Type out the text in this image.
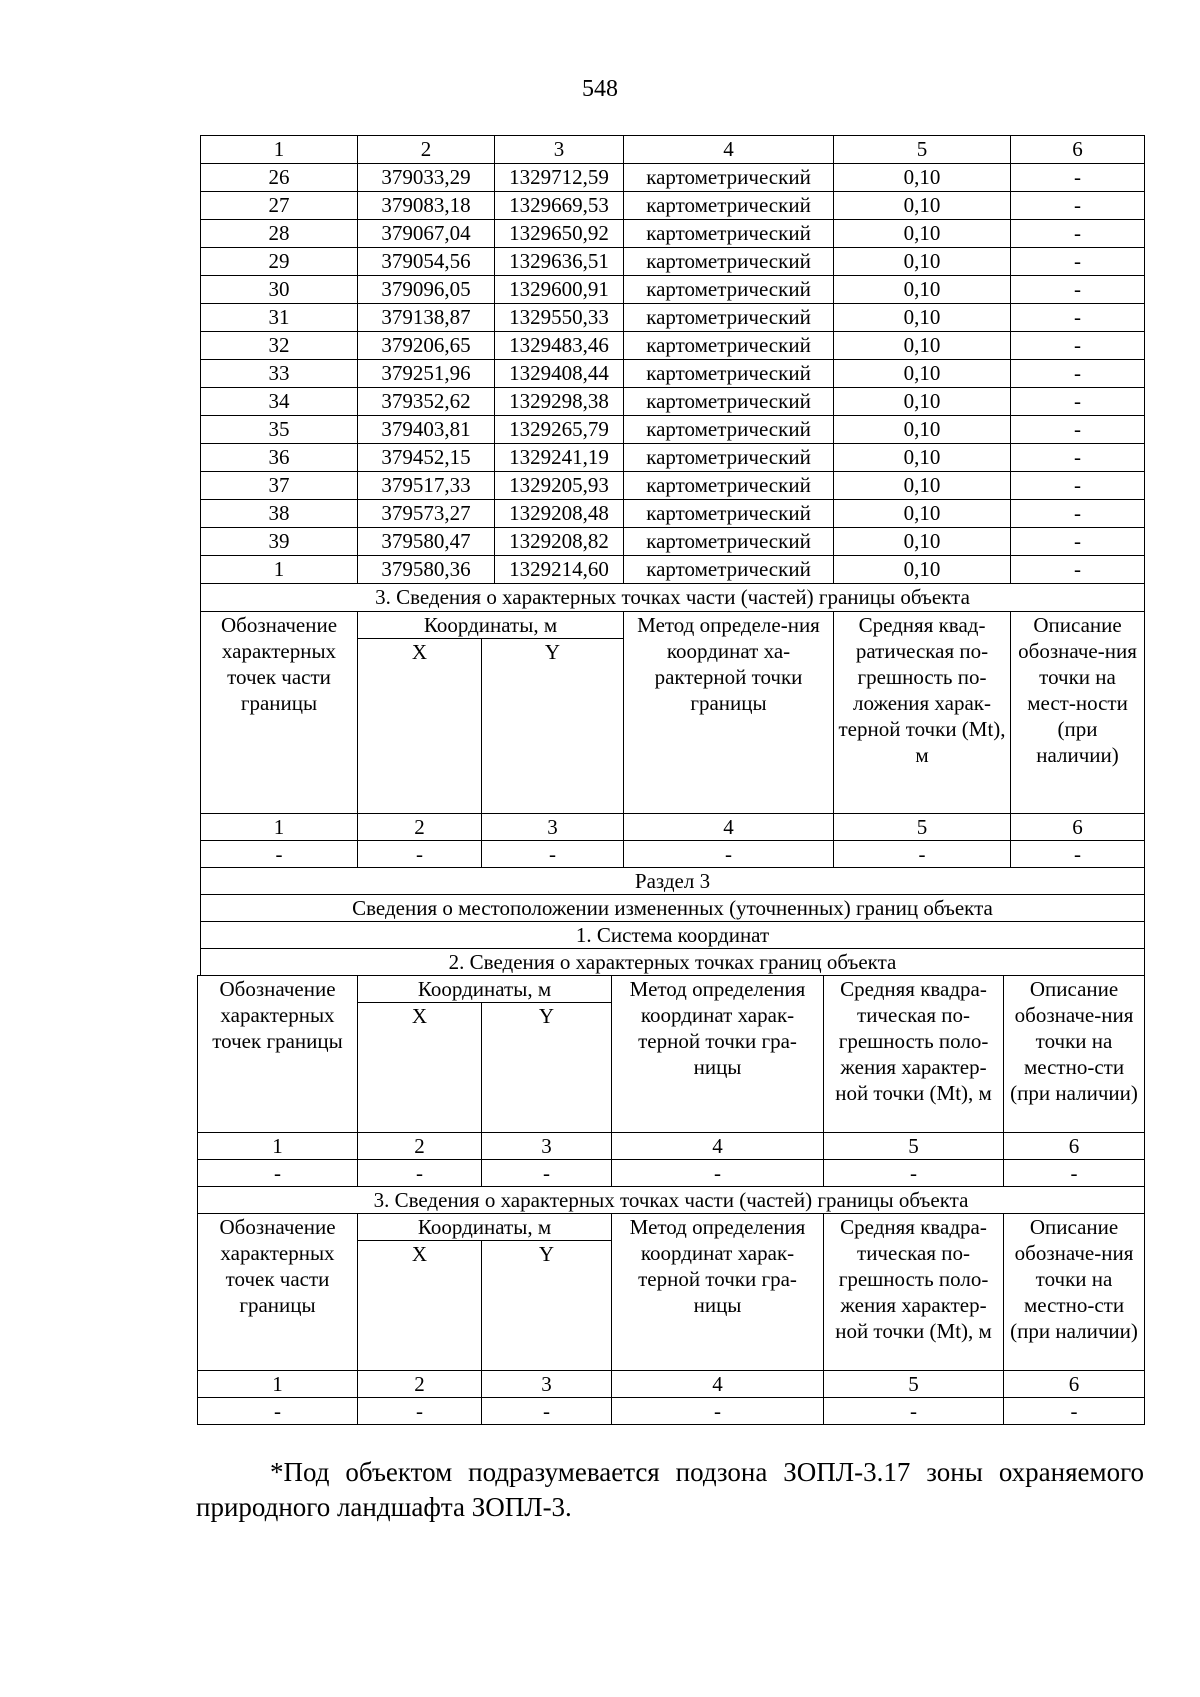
548
1	2	3	4	5	6
26	379033,29	1329712,59	картометрический	0,10	-
27	379083,18	1329669,53	картометрический	0,10	-
28	379067,04	1329650,92	картометрический	0,10	-
29	379054,56	1329636,51	картометрический	0,10	-
30	379096,05	1329600,91	картометрический	0,10	-
31	379138,87	1329550,33	картометрический	0,10	-
32	379206,65	1329483,46	картометрический	0,10	-
33	379251,96	1329408,44	картометрический	0,10	-
34	379352,62	1329298,38	картометрический	0,10	-
35	379403,81	1329265,79	картометрический	0,10	-
36	379452,15	1329241,19	картометрический	0,10	-
37	379517,33	1329205,93	картометрический	0,10	-
38	379573,27	1329208,48	картометрический	0,10	-
39	379580,47	1329208,82	картометрический	0,10	-
1	379580,36	1329214,60	картометрический	0,10	-
3. Сведения о характерных точках части (частей) границы объекта					
Обозначение характерных точек части границы	Координаты, м		Метод определе-ния координат ха-рактерной точки границы	Средняя квад-ратическая по-грешность по-ложения харак-терной точки (Mt), м	Описание обозначе-ния точки на мест-ности (при наличии)
	X	Y			
1	2	3	4	5	6
-	-	-	-	-	-
Раздел 3					
Сведения о местоположении измененных (уточненных) границ объекта					
1. Система координат					
2. Сведения о характерных точках границ объекта					
Обозначение характерных точек границы	Координаты, м		Метод определения координат харак-терной точки гра-ницы	Средняя квадра-тическая по-грешность поло-жения характер-ной точки (Mt), м	Описание обозначе-ния точки на местно-сти (при наличии)
	X	Y			
1	2	3	4	5	6
-	-	-	-	-	-
3. Сведения о характерных точках части (частей) границы объекта					
Обозначение характерных точек части границы	Координаты, м		Метод определения координат харак-терной точки гра-ницы	Средняя квадра-тическая по-грешность поло-жения характер-ной точки (Mt), м	Описание обозначе-ния точки на местно-сти (при наличии)
	X	Y			
1	2	3	4	5	6
-	-	-	-	-	-
*Под объектом подразумевается подзона ЗОПЛ-3.17 зоны охраняемого природного ландшафта ЗОПЛ-3.
